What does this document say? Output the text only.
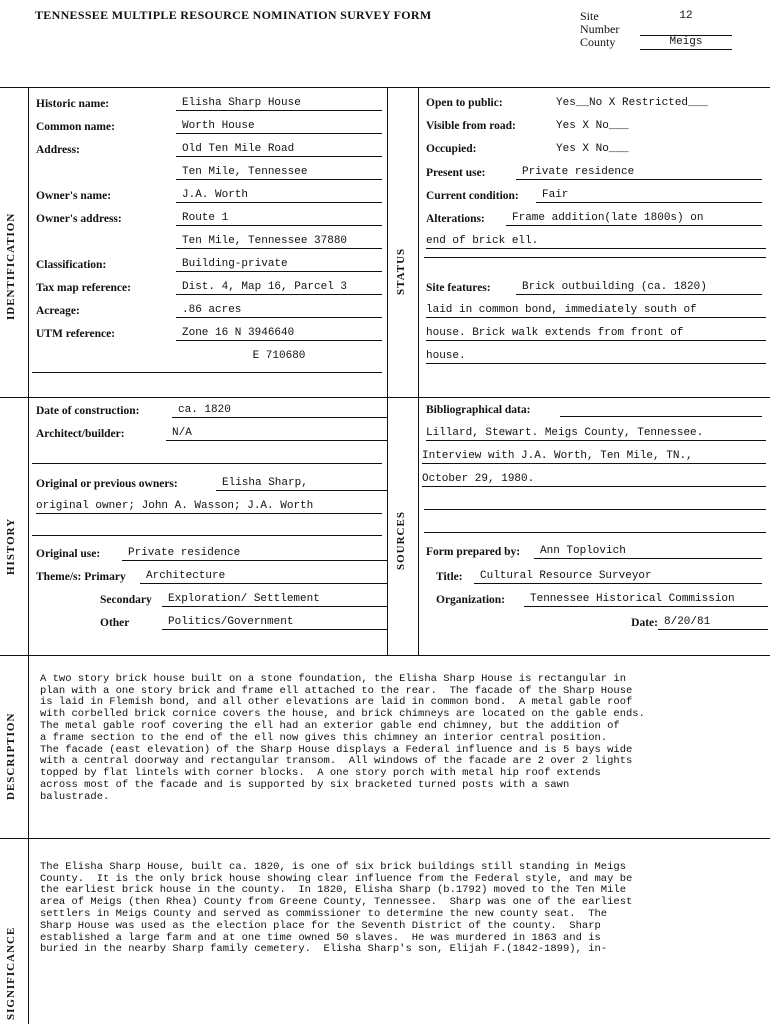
TENNESSEE MULTIPLE RESOURCE NOMINATION SURVEY FORM	Site Number
12
County	Meigs
IDENTIFICATION	STATUS
HISTORY	SOURCES
DESCRIPTION
SIGNIFICANCE
Historic name:	Elisha Sharp House
Common name:	Worth House
Address:	Old Ten Mile Road
Ten Mile, Tennessee
Owner's name:	J.A. Worth
Owner's address:	Route 1
Ten Mile, Tennessee 37880
Classification:	Building-private
Tax map reference:	Dist. 4, Map 16, Parcel 3
Acreage:	.86 acres
UTM reference:	Zone 16 N 3946640
E 710680
Open to public:	Yes__No X Restricted___
Visible from road:	Yes X No___
Occupied:	Yes X No___
Present use:	Private residence
Current condition:	Fair
Alterations:	Frame addition(late 1800s) on
end of brick ell.
Site features:	Brick outbuilding (ca. 1820)
laid in common bond, immediately south of
house. Brick walk extends from front of
house.
Date of construction:	ca. 1820
Architect/builder:	N/A
Original or previous owners:	Elisha Sharp,
original owner; John A. Wasson; J.A. Worth
Original use:	Private residence
Theme/s: Primary	Architecture
Secondary	Exploration/ Settlement
Other	Politics/Government
Bibliographical data:
Lillard, Stewart. Meigs County, Tennessee.
Interview with J.A. Worth, Ten Mile, TN.,
October 29, 1980.
Form prepared by:	Ann Toplovich
Title:	Cultural Resource Surveyor
Organization:	Tennessee Historical Commission
Date: 8/20/81

A two story brick house built on a stone foundation, the Elisha Sharp House is rectangular in
plan with a one story brick and frame ell attached to the rear.  The facade of the Sharp House
is laid in Flemish bond, and all other elevations are laid in common bond.  A metal gable roof
with corbelled brick cornice covers the house, and brick chimneys are located on the gable ends.
The metal gable roof covering the ell had an exterior gable end chimney, but the addition of
a frame section to the end of the ell now gives this chimney an interior central position.
The facade (east elevation) of the Sharp House displays a Federal influence and is 5 bays wide
with a central doorway and rectangular transom.  All windows of the facade are 2 over 2 lights
topped by flat lintels with corner blocks.  A one story porch with metal hip roof extends
across most of the facade and is supported by six bracketed turned posts with a sawn
balustrade.

The Elisha Sharp House, built ca. 1820, is one of six brick buildings still standing in Meigs
County.  It is the only brick house showing clear influence from the Federal style, and may be
the earliest brick house in the county.  In 1820, Elisha Sharp (b.1792) moved to the Ten Mile
area of Meigs (then Rhea) County from Greene County, Tennessee.  Sharp was one of the earliest
settlers in Meigs County and served as commissioner to determine the new county seat.  The
Sharp House was used as the election place for the Seventh District of the county.  Sharp
established a large farm and at one time owned 50 slaves.  He was murdered in 1863 and is
buried in the nearby Sharp family cemetery.  Elisha Sharp's son, Elijah F.(1842-1899), in-
